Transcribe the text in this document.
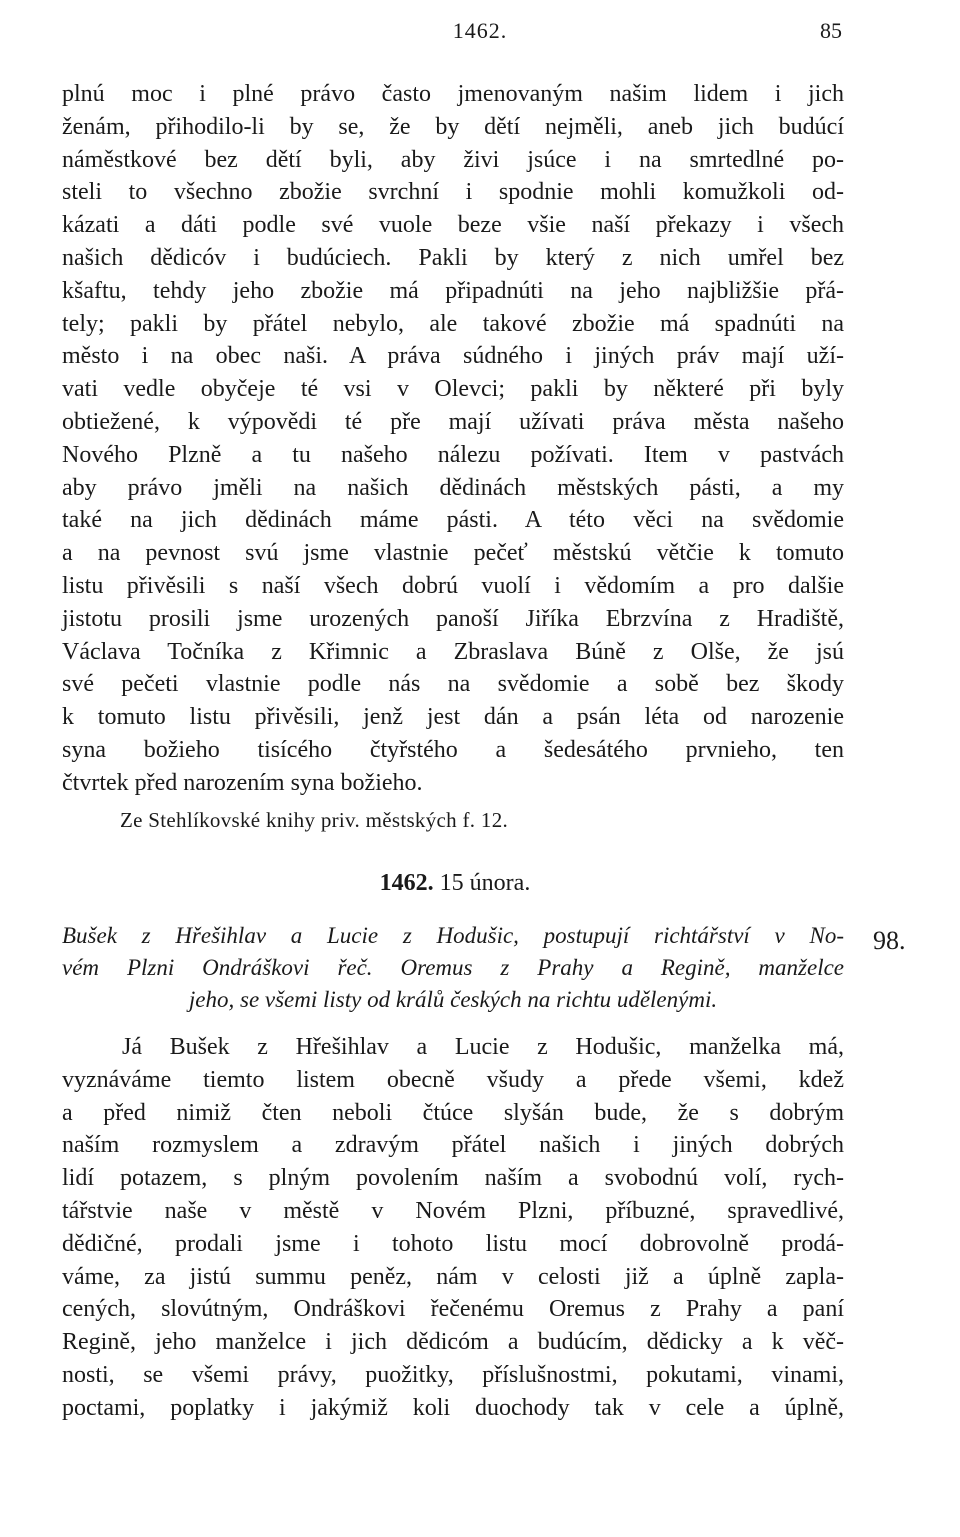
1462.	85
plnú moc i plné právo často jmenovaným našim lidem i jich
ženám, přihodilo-li by se, že by dětí nejměli, aneb jich budúcí
náměstkové bez dětí byli, aby živi jsúce i na smrtedlné po-
steli to všechno zbožie svrchní i spodnie mohli komužkoli od-
kázati a dáti podle své vuole beze všie naší překazy i všech
našich dědicóv i budúciech. Pakli by který z nich umřel bez
kšaftu, tehdy jeho zbožie má připadnúti na jeho najbližšie přá-
tely; pakli by přátel nebylo, ale takové zbožie má spadnúti na
město i na obec naši. A práva súdného i jiných práv mají uží-
vati vedle obyčeje té vsi v Olevci; pakli by některé při byly
obtiežené, k výpovědi té pře mají užívati práva města našeho
Nového Plzně a tu našeho nálezu požívati. Item v pastvách
aby právo jměli na našich dědinách městských pásti, a my
také na jich dědinách máme pásti. A této věci na svědomie
a na pevnost svú jsme vlastnie pečeť městskú větčie k tomuto
listu přivěsili s naší všech dobrú vuolí i vědomím a pro dalšie
jistotu prosili jsme urozených panoší Jiříka Ebrzvína z Hradiště,
Václava Točníka z Křimnic a Zbraslava Búně z Olše, že jsú
své pečeti vlastnie podle nás na svědomie a sobě bez škody
k tomuto listu přivěsili, jenž jest dán a psán léta od narozenie
syna božieho tisícého čtyřstého a šedesátého prvnieho, ten
čtvrtek před narozením syna božieho.
Ze Stehlíkovské knihy priv. městských f. 12.
1462. 15 února.
98.
Bušek z Hřešihlav a Lucie z Hodušic, postupují richtářství v No-
vém Plzni Ondráškovi řeč. Oremus z Prahy a Regině, manželce
jeho, se všemi listy od králů českých na richtu udělenými.
Já Bušek z Hřešihlav a Lucie z Hodušic, manželka má,
vyznáváme tiemto listem obecně všudy a přede všemi, kdež
a před nimiž čten neboli čtúce slyšán bude, že s dobrým
naším rozmyslem a zdravým přátel našich i jiných dobrých
lidí potazem, s plným povolením naším a svobodnú volí, rych-
tářstvie naše v městě v Novém Plzni, příbuzné, spravedlivé,
dědičné, prodali jsme i tohoto listu mocí dobrovolně prodá-
váme, za jistú summu peněz, nám v celosti již a úplně zapla-
cených, slovútným, Ondráškovi řečenému Oremus z Prahy a paní
Regině, jeho manželce i jich dědicóm a budúcím, dědicky a k věč-
nosti, se všemi právy, puožitky, příslušnostmi, pokutami, vinami,
poctami, poplatky i jakýmiž koli duochody tak v cele a úplně,
